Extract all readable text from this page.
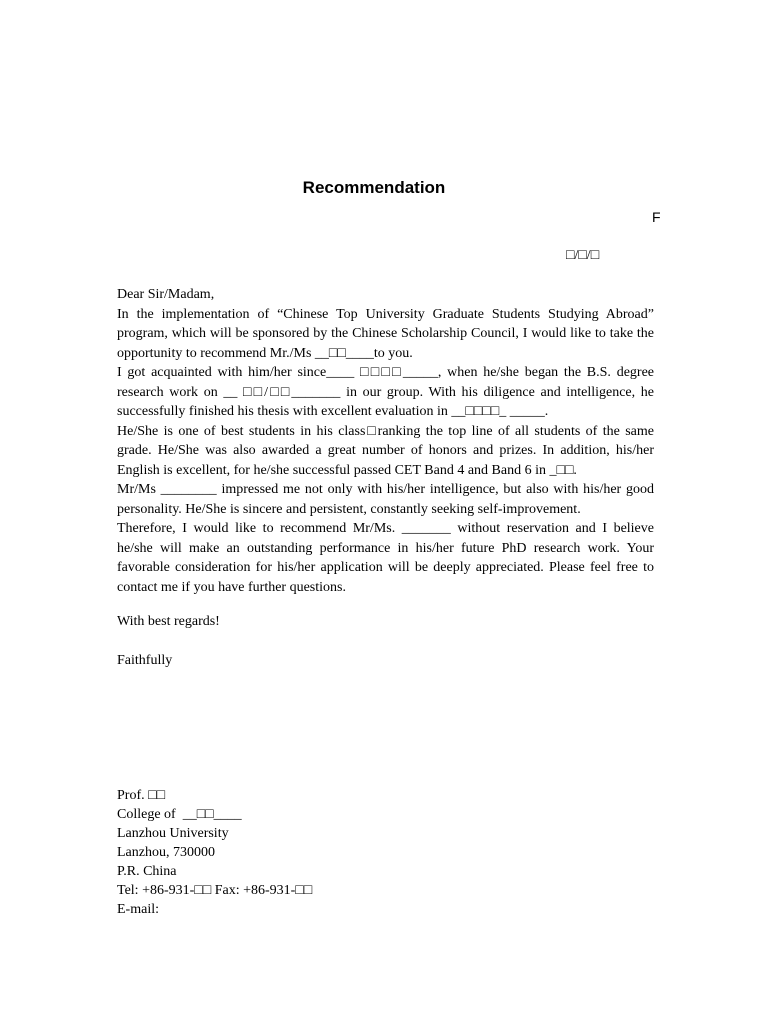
Recommendation
F
□/□/□

Dear Sir/Madam,

In the implementation of “Chinese Top University Graduate Students Studying Abroad” program, which will be sponsored by the Chinese Scholarship Council, I would like to take the opportunity to recommend Mr./Ms __□□____to you.

I got acquainted with him/her since____ □□□□_____, when he/she began the B.S. degree research work on __ □□/□□_______ in our group. With his diligence and intelligence, he successfully finished his thesis with excellent evaluation in __□□□□_ _____.

He/She is one of best students in his class□ranking the top line of all students of the same grade. He/She was also awarded a great number of honors and prizes. In addition, his/her English is excellent, for he/she successful passed CET Band 4 and Band 6 in _□□.

Mr/Ms ________ impressed me not only with his/her intelligence, but also with his/her good personality. He/She is sincere and persistent, constantly seeking self-improvement.

Therefore, I would like to recommend Mr/Ms. _______ without reservation and I believe he/she will make an outstanding performance in his/her future PhD research work. Your favorable consideration for his/her application will be deeply appreciated. Please feel free to contact me if you have further questions.

With best regards!

Faithfully

Prof. □□
College of  __□□____
Lanzhou University
Lanzhou, 730000
P.R. China
Tel: +86-931-□□ Fax: +86-931-□□
E-mail:
